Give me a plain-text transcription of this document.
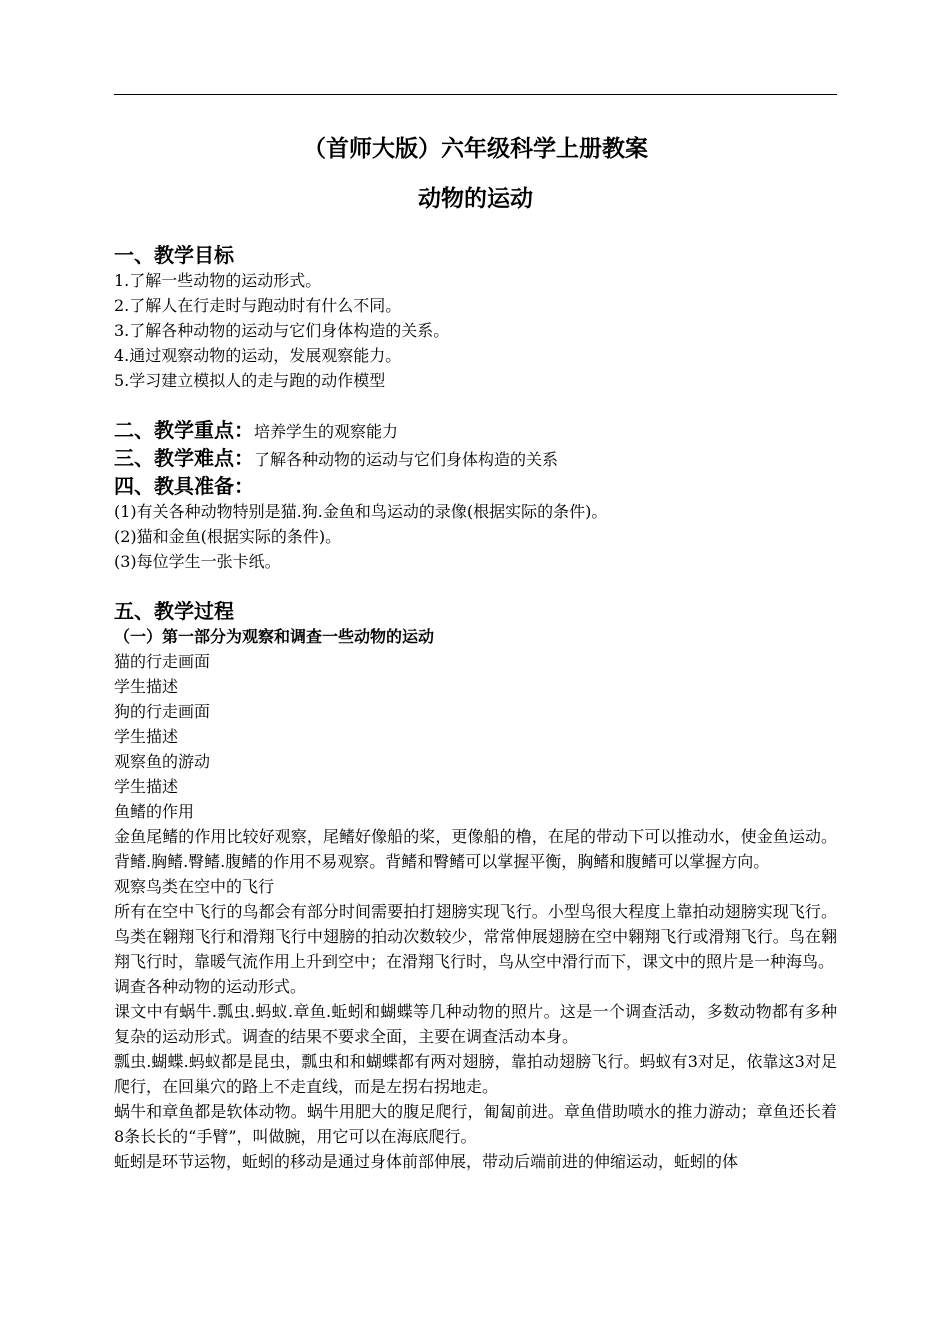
（首师大版）六年级科学上册教案

动物的运动

一、教学目标

1.了解一些动物的运动形式。

2.了解人在行走时与跑动时有什么不同。

3.了解各种动物的运动与它们身体构造的关系。

4.通过观察动物的运动，发展观察能力。

5.学习建立模拟人的走与跑的动作模型

二、教学重点：培养学生的观察能力

三、教学难点：了解各种动物的运动与它们身体构造的关系

四、教具准备：

(1)有关各种动物特别是猫.狗.金鱼和鸟运动的录像(根据实际的条件)。

(2)猫和金鱼(根据实际的条件)。

(3)每位学生一张卡纸。

五、教学过程

（一）第一部分为观察和调查一些动物的运动

猫的行走画面

学生描述

狗的行走画面

学生描述

观察鱼的游动

学生描述

鱼鳍的作用

金鱼尾鳍的作用比较好观察，尾鳍好像船的桨，更像船的橹，在尾的带动下可以推动水，使金鱼运动。背鳍.胸鳍.臀鳍.腹鳍的作用不易观察。背鳍和臀鳍可以掌握平衡，胸鳍和腹鳍可以掌握方向。

观察鸟类在空中的飞行

所有在空中飞行的鸟都会有部分时间需要拍打翅膀实现飞行。小型鸟很大程度上靠拍动翅膀实现飞行。鸟类在翱翔飞行和滑翔飞行中翅膀的拍动次数较少，常常伸展翅膀在空中翱翔飞行或滑翔飞行。鸟在翱翔飞行时，靠暖气流作用上升到空中；在滑翔飞行时，鸟从空中滑行而下，课文中的照片是一种海鸟。

调查各种动物的运动形式。

课文中有蜗牛.瓢虫.蚂蚁.章鱼.蚯蚓和蝴蝶等几种动物的照片。这是一个调查活动，多数动物都有多种复杂的运动形式。调查的结果不要求全面，主要在调查活动本身。

瓢虫.蝴蝶.蚂蚁都是昆虫，瓢虫和和蝴蝶都有两对翅膀，靠拍动翅膀飞行。蚂蚁有3对足，依靠这3对足爬行，在回巢穴的路上不走直线，而是左拐右拐地走。

蜗牛和章鱼都是软体动物。蜗牛用肥大的腹足爬行，匍匐前进。章鱼借助喷水的推力游动；章鱼还长着8条长长的“手臂”，叫做腕，用它可以在海底爬行。

蚯蚓是环节运物，蚯蚓的移动是通过身体前部伸展，带动后端前进的伸缩运动，蚯蚓的体
